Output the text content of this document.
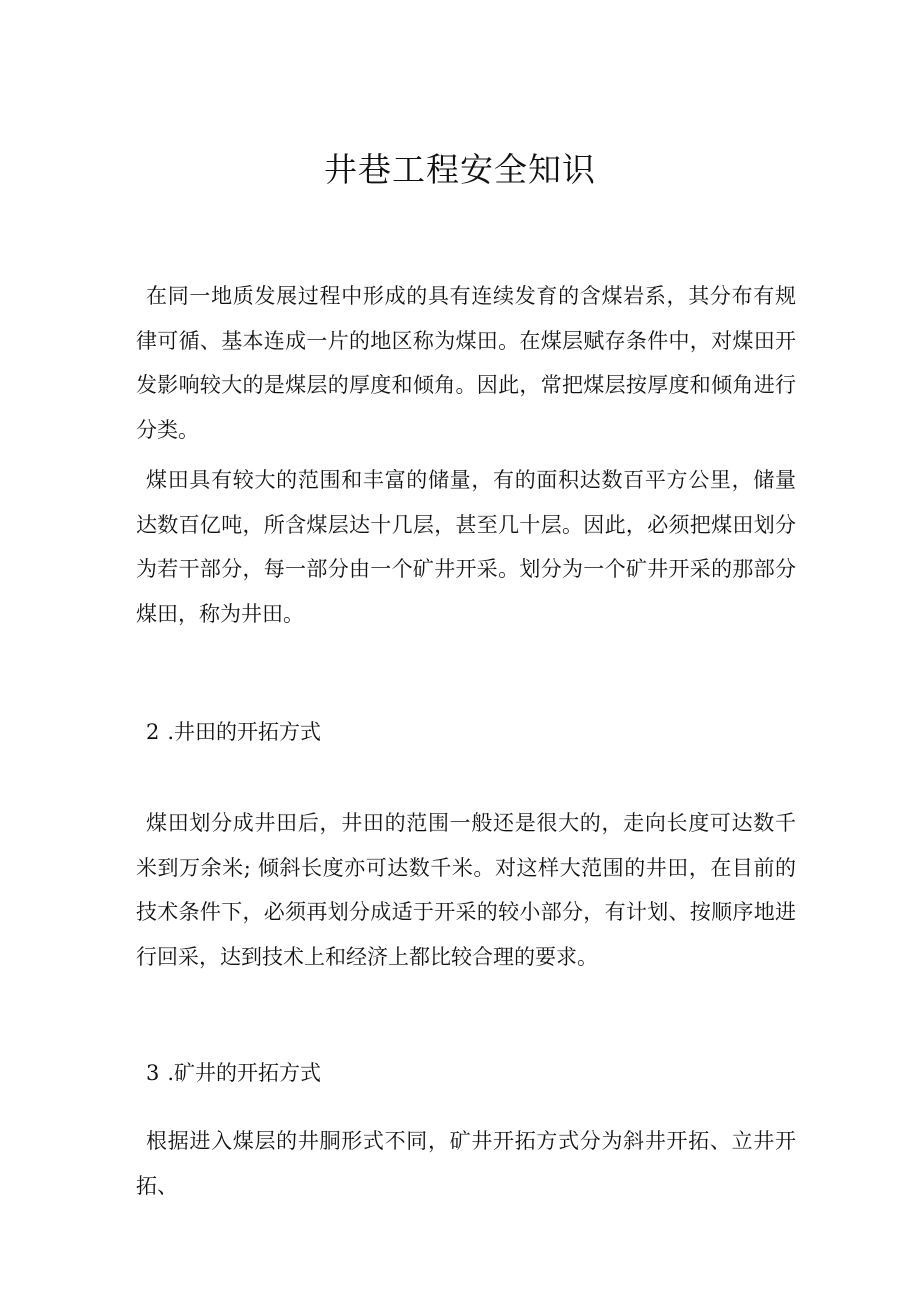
井巷工程安全知识

在同一地质发展过程中形成的具有连续发育的含煤岩系，其分布有规律可循、基本连成一片的地区称为煤田。在煤层赋存条件中，对煤田开发影响较大的是煤层的厚度和倾角。因此，常把煤层按厚度和倾角进行分类。

煤田具有较大的范围和丰富的储量，有的面积达数百平方公里，储量达数百亿吨，所含煤层达十几层，甚至几十层。因此，必须把煤田划分为若干部分，每一部分由一个矿井开采。划分为一个矿井开采的那部分煤田，称为井田。

2 .井田的开拓方式

煤田划分成井田后，井田的范围一般还是很大的，走向长度可达数千米到万余米; 倾斜长度亦可达数千米。对这样大范围的井田，在目前的技术条件下，必须再划分成适于开采的较小部分，有计划、按顺序地进行回采，达到技术上和经济上都比较合理的要求。

3 .矿井的开拓方式

根据进入煤层的井胴形式不同，矿井开拓方式分为斜井开拓、立井开拓、
